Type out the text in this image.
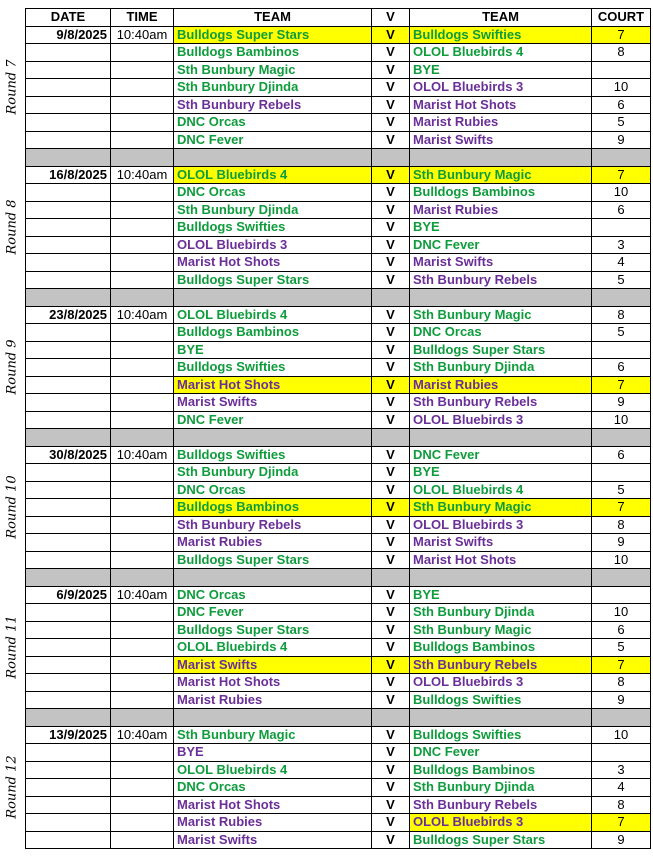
Round 7
Round 8
Round 9
Round 10
Round 11
Round 12
DATE	TIME	TEAM	V	TEAM	COURT
9/8/2025	10:40am	Bulldogs Super Stars	V	Bulldogs Swifties	7
		Bulldogs Bambinos	V	OLOL Bluebirds 4	8
		Sth Bunbury Magic	V	BYE	
		Sth Bunbury Djinda	V	OLOL Bluebirds 3	10
		Sth Bunbury Rebels	V	Marist Hot Shots	6
		DNC Orcas	V	Marist Rubies	5
		DNC Fever	V	Marist Swifts	9

16/8/2025	10:40am	OLOL Bluebirds 4	V	Sth Bunbury Magic	7
		DNC Orcas	V	Bulldogs Bambinos	10
		Sth Bunbury Djinda	V	Marist Rubies	6
		Bulldogs Swifties	V	BYE	
		OLOL Bluebirds 3	V	DNC Fever	3
		Marist Hot Shots	V	Marist Swifts	4
		Bulldogs Super Stars	V	Sth Bunbury Rebels	5

23/8/2025	10:40am	OLOL Bluebirds 4	V	Sth Bunbury Magic	8
		Bulldogs Bambinos	V	DNC Orcas	5
		BYE	V	Bulldogs Super Stars	
		Bulldogs Swifties	V	Sth Bunbury Djinda	6
		Marist Hot Shots	V	Marist Rubies	7
		Marist Swifts	V	Sth Bunbury Rebels	9
		DNC Fever	V	OLOL Bluebirds 3	10

30/8/2025	10:40am	Bulldogs Swifties	V	DNC Fever	6
		Sth Bunbury Djinda	V	BYE	
		DNC Orcas	V	OLOL Bluebirds 4	5
		Bulldogs Bambinos	V	Sth Bunbury Magic	7
		Sth Bunbury Rebels	V	OLOL Bluebirds 3	8
		Marist Rubies	V	Marist Swifts	9
		Bulldogs Super Stars	V	Marist Hot Shots	10

6/9/2025	10:40am	DNC Orcas	V	BYE	
		DNC Fever	V	Sth Bunbury Djinda	10
		Bulldogs Super Stars	V	Sth Bunbury Magic	6
		OLOL Bluebirds 4	V	Bulldogs Bambinos	5
		Marist Swifts	V	Sth Bunbury Rebels	7
		Marist Hot Shots	V	OLOL Bluebirds 3	8
		Marist Rubies	V	Bulldogs Swifties	9

13/9/2025	10:40am	Sth Bunbury Magic	V	Bulldogs Swifties	10
		BYE	V	DNC Fever	
		OLOL Bluebirds 4	V	Bulldogs Bambinos	3
		DNC Orcas	V	Sth Bunbury Djinda	4
		Marist Hot Shots	V	Sth Bunbury Rebels	8
		Marist Rubies	V	OLOL Bluebirds 3	7
		Marist Swifts	V	Bulldogs Super Stars	9
